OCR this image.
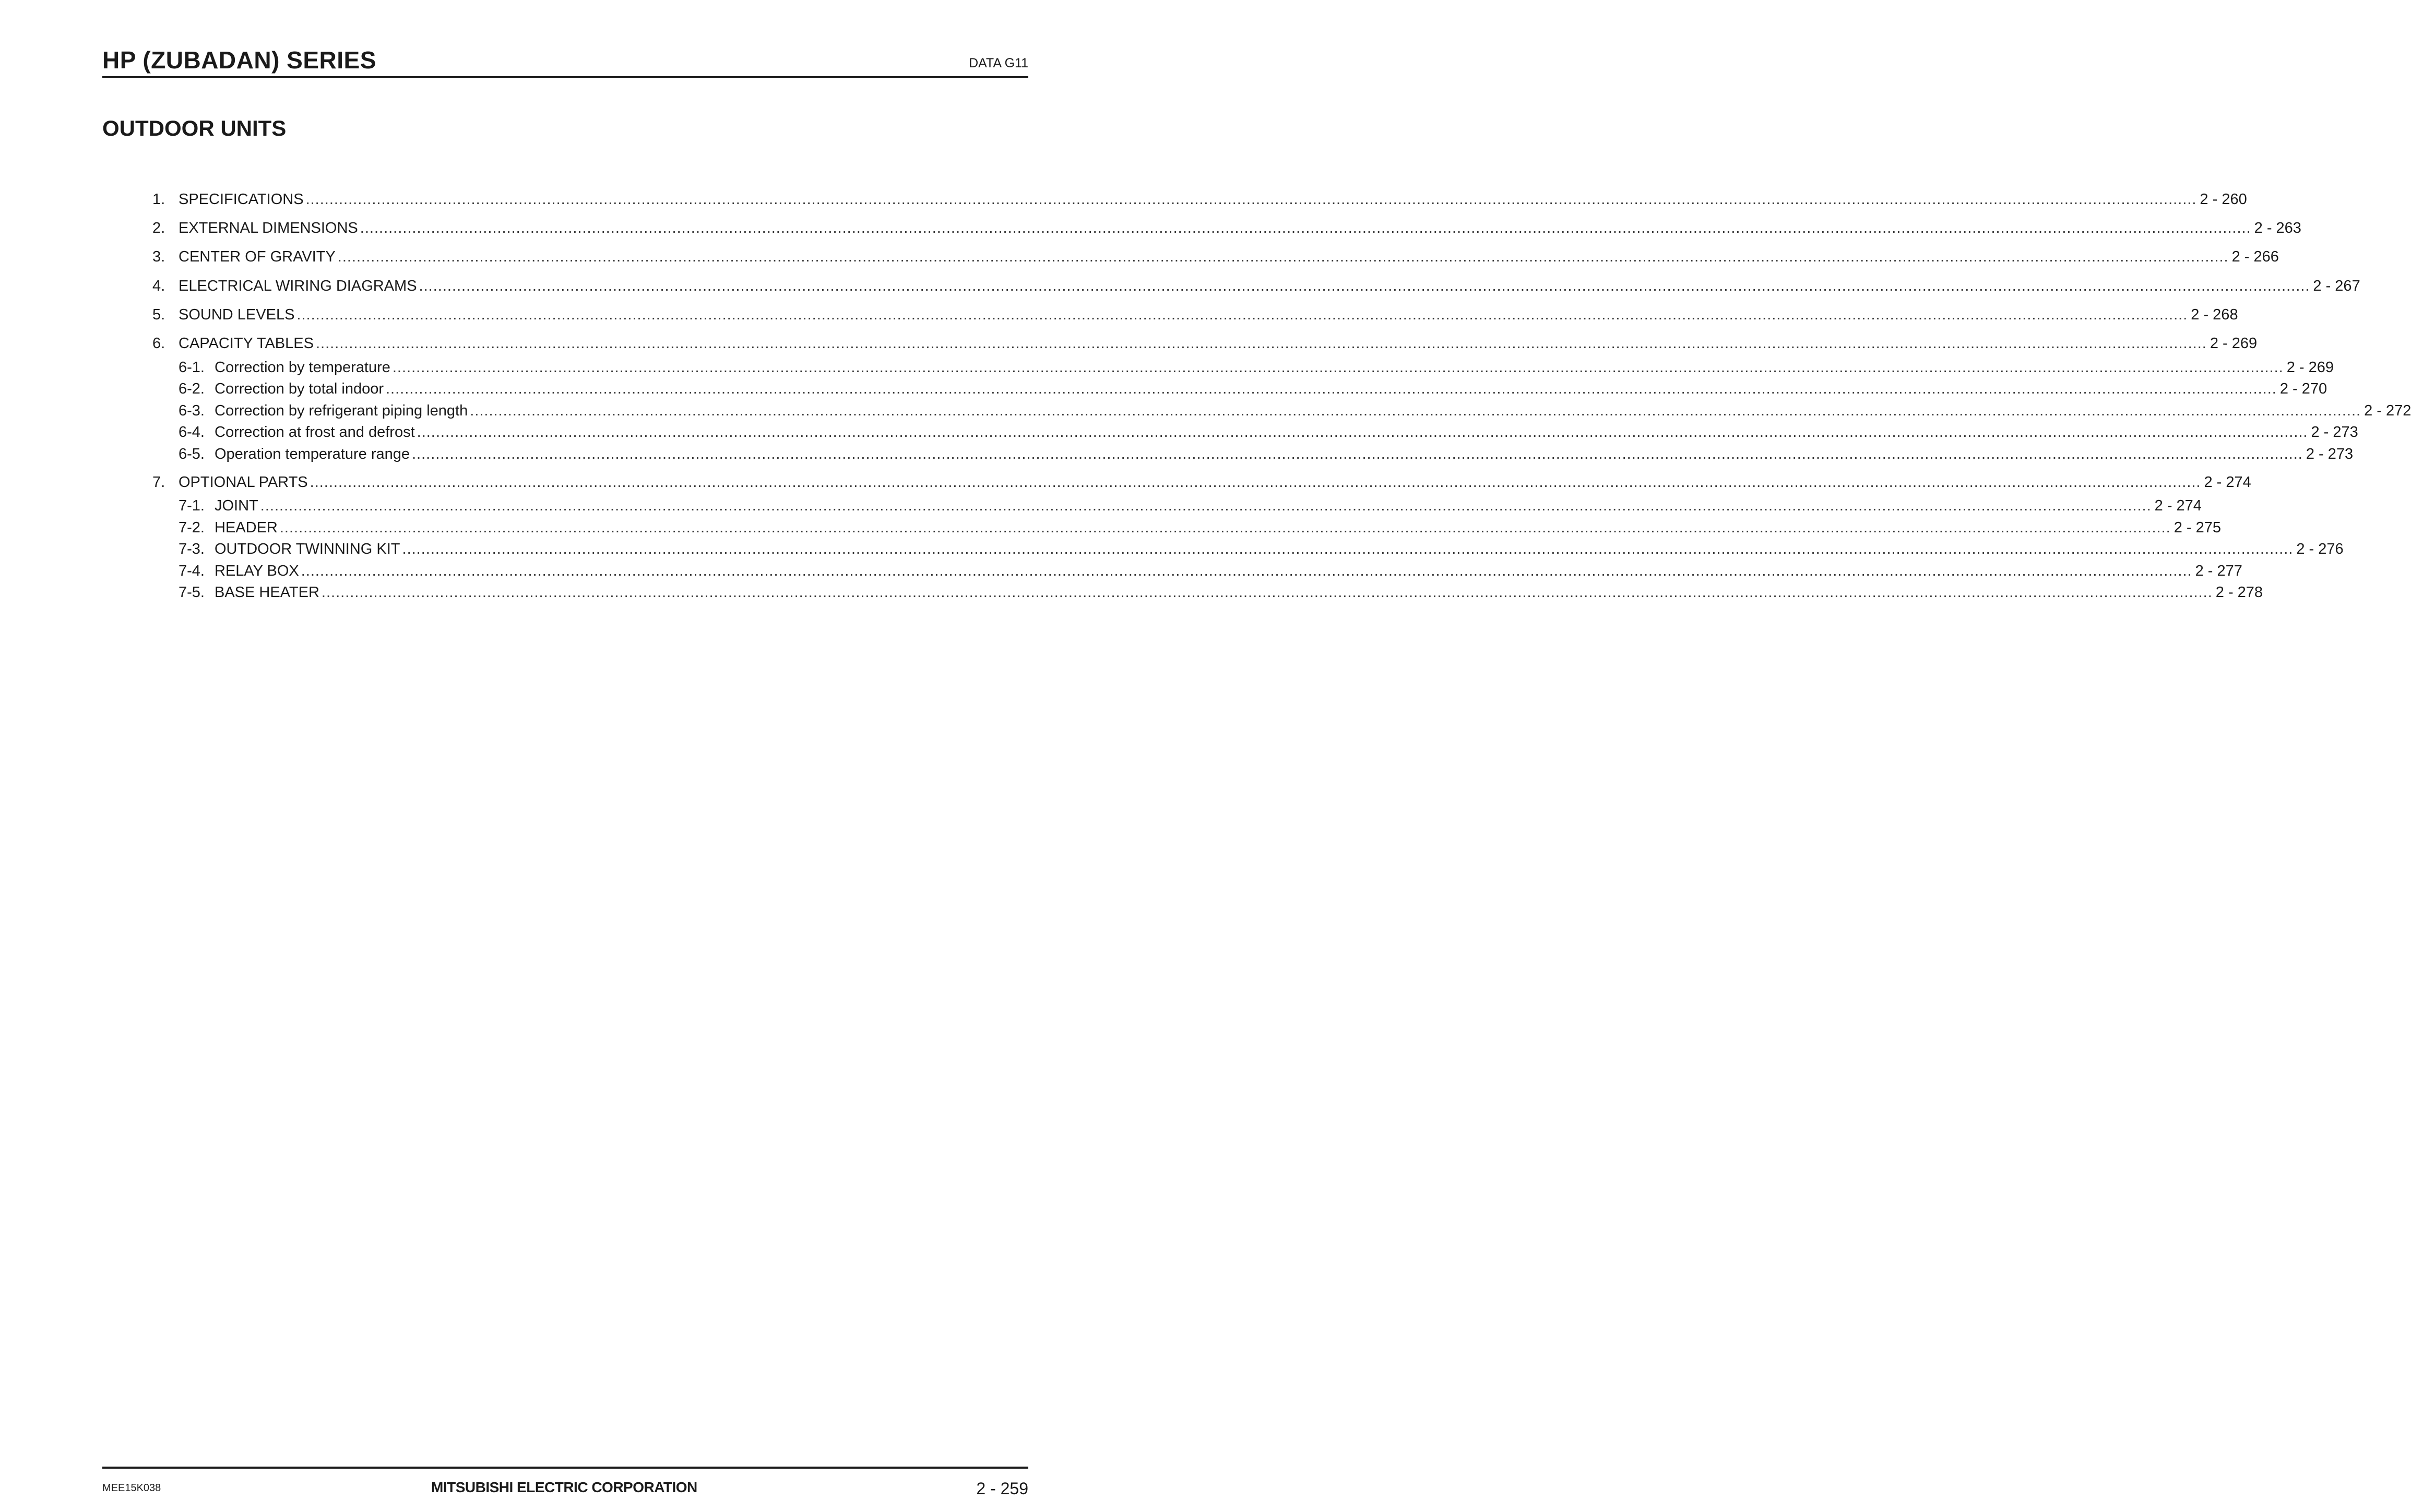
HP (ZUBADAN) SERIES	DATA G11
OUTDOOR UNITS
1. SPECIFICATIONS ................................................................................................................................................................................................................................................................................................................................................................................................................ 2 - 260
2. EXTERNAL DIMENSIONS ................................................................................................................................................................................................................................................................................................................................................................................................................ 2 - 263
3. CENTER OF GRAVITY ................................................................................................................................................................................................................................................................................................................................................................................................................ 2 - 266
4. ELECTRICAL WIRING DIAGRAMS ................................................................................................................................................................................................................................................................................................................................................................................................................ 2 - 267
5. SOUND LEVELS ................................................................................................................................................................................................................................................................................................................................................................................................................ 2 - 268
6. CAPACITY TABLES ................................................................................................................................................................................................................................................................................................................................................................................................................ 2 - 269
6-1. Correction by temperature ................................................................................................................................................................................................................................................................................................................................................................................................................ 2 - 269
6-2. Correction by total indoor ................................................................................................................................................................................................................................................................................................................................................................................................................ 2 - 270
6-3. Correction by refrigerant piping length ................................................................................................................................................................................................................................................................................................................................................................................................................ 2 - 272
6-4. Correction at frost and defrost ................................................................................................................................................................................................................................................................................................................................................................................................................ 2 - 273
6-5. Operation temperature range ................................................................................................................................................................................................................................................................................................................................................................................................................ 2 - 273
7. OPTIONAL PARTS ................................................................................................................................................................................................................................................................................................................................................................................................................ 2 - 274
7-1. JOINT ................................................................................................................................................................................................................................................................................................................................................................................................................ 2 - 274
7-2. HEADER ................................................................................................................................................................................................................................................................................................................................................................................................................ 2 - 275
7-3. OUTDOOR TWINNING KIT ................................................................................................................................................................................................................................................................................................................................................................................................................ 2 - 276
7-4. RELAY BOX ................................................................................................................................................................................................................................................................................................................................................................................................................ 2 - 277
7-5. BASE HEATER ................................................................................................................................................................................................................................................................................................................................................................................................................ 2 - 278
MEE15K038	MITSUBISHI ELECTRIC CORPORATION	2 - 259
